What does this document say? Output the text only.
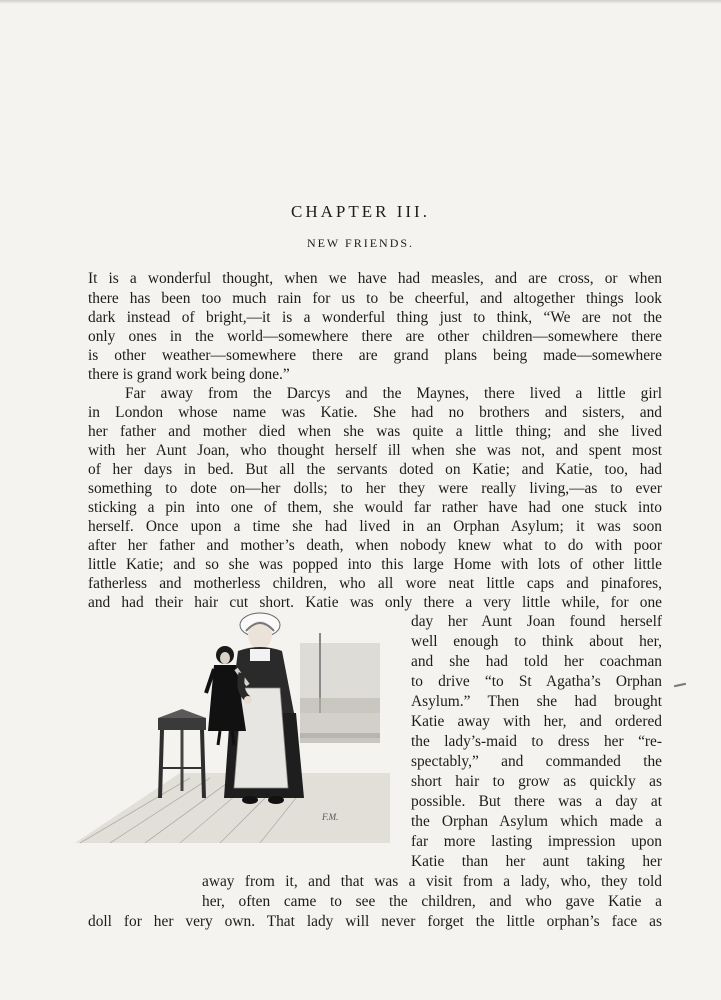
CHAPTER III.
NEW FRIENDS.
It is a wonderful thought, when we have had measles, and are cross, or when
there has been too much rain for us to be cheerful, and altogether things look
dark instead of bright,—it is a wonderful thing just to think, “We are not the
only ones in the world—somewhere there are other children—somewhere there
is other weather—somewhere there are grand plans being made—somewhere
there is grand work being done.”
Far away from the Darcys and the Maynes, there lived a little girl
in London whose name was Katie. She had no brothers and sisters, and
her father and mother died when she was quite a little thing; and she lived
with her Aunt Joan, who thought herself ill when she was not, and spent most
of her days in bed. But all the servants doted on Katie; and Katie, too, had
something to dote on—her dolls; to her they were really living,—as to ever
sticking a pin into one of them, she would far rather have had one stuck into
herself. Once upon a time she had lived in an Orphan Asylum; it was soon
after her father and mother’s death, when nobody knew what to do with poor
little Katie; and so she was popped into this large Home with lots of other little
fatherless and motherless children, who all wore neat little caps and pinafores,
and had their hair cut short. Katie was only there a very little while, for one
day her Aunt Joan found herself
well enough to think about her,
and she had told her coachman
to drive “to St Agatha’s Orphan
Asylum.” Then she had brought
Katie away with her, and ordered
the lady’s-maid to dress her “re-
spectably,” and commanded the
short hair to grow as quickly as
possible. But there was a day at
the Orphan Asylum which made a
far more lasting impression upon
Katie than her aunt taking her
away from it, and that was a visit from a lady, who, they told
her, often came to see the children, and who gave Katie a
doll for her very own. That lady will never forget the little orphan’s face as
F.M.
